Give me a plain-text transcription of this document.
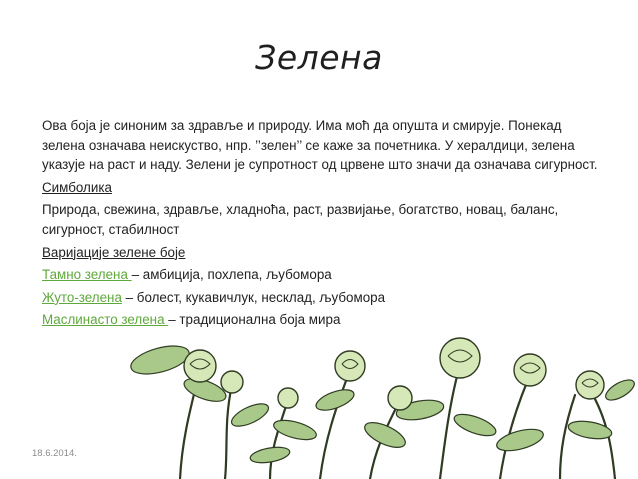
Зелена

Ова боја је синоним за здравље и природу. Има моћ да опушта и смирује. Понекад зелена означава неискуство, нпр. ’’зелен’’ се каже за почетника. У хералдици, зелена указује на раст и наду. Зелени је супротност од црвене што значи да означава сигурност.

Симболика

Природа, свежина, здравље, хладноћа, раст, развијање, богатство, новац, баланс, сигурност, стабилност

Варијације зелене боје

Тамно зелена – амбиција, похлепа, љубомора

Жуто-зелена – болест, кукавичлук, несклад, љубомора

Маслинасто зелена – традиционална боја мира

18.6.2014.
